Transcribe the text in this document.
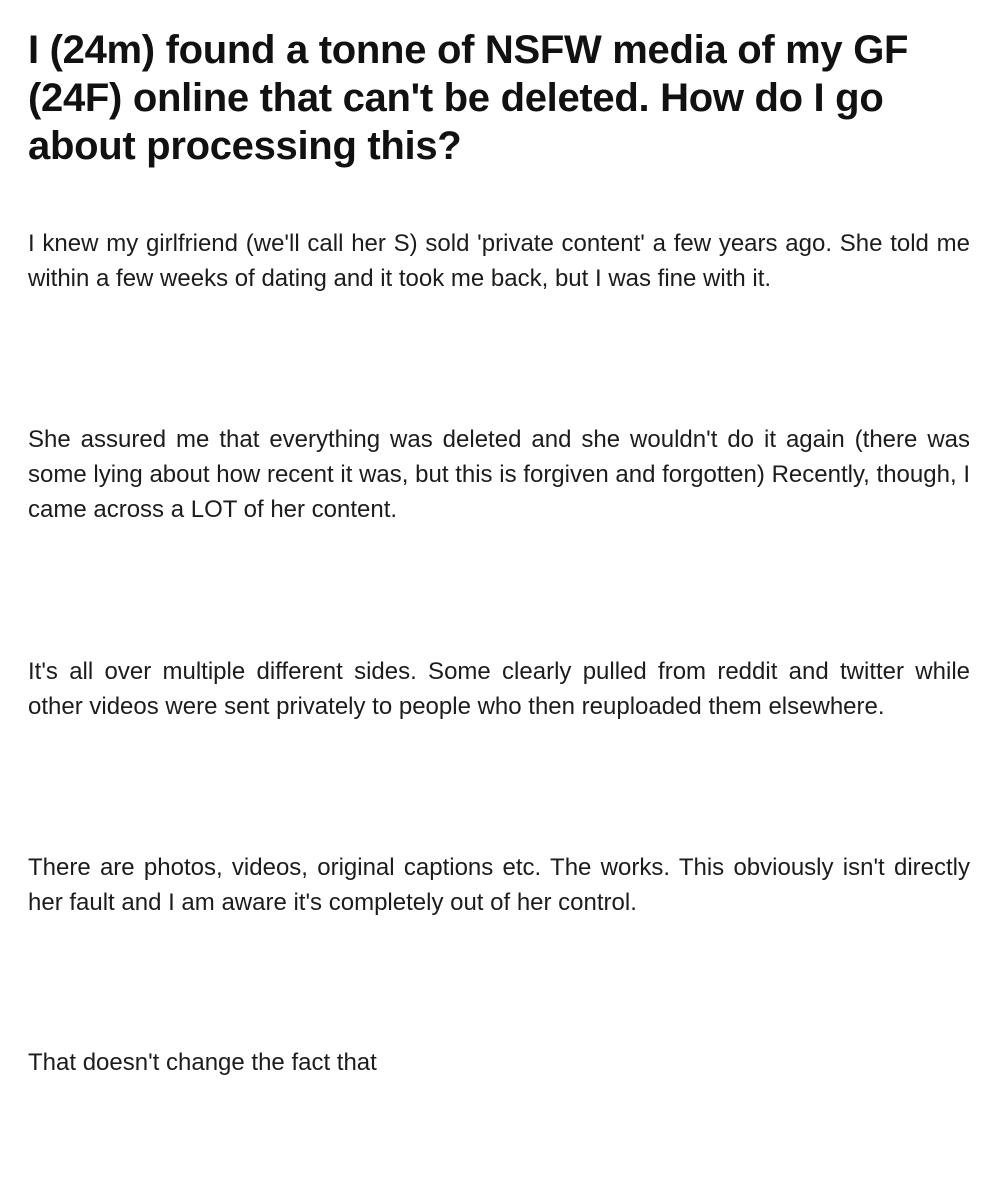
I (24m) found a tonne of NSFW media of my GF (24F) online that can't be deleted. How do I go about processing this?

I knew my girlfriend (we'll call her S) sold 'private content' a few years ago. She told me within a few weeks of dating and it took me back, but I was fine with it.

She assured me that everything was deleted and she wouldn't do it again (there was some lying about how recent it was, but this is forgiven and forgotten) Recently, though, I came across a LOT of her content.

It's all over multiple different sides. Some clearly pulled from reddit and twitter while other videos were sent privately to people who then reuploaded them elsewhere.

There are photos, videos, original captions etc. The works. This obviously isn't directly her fault and I am aware it's completely out of her control.

That doesn't change the fact that
